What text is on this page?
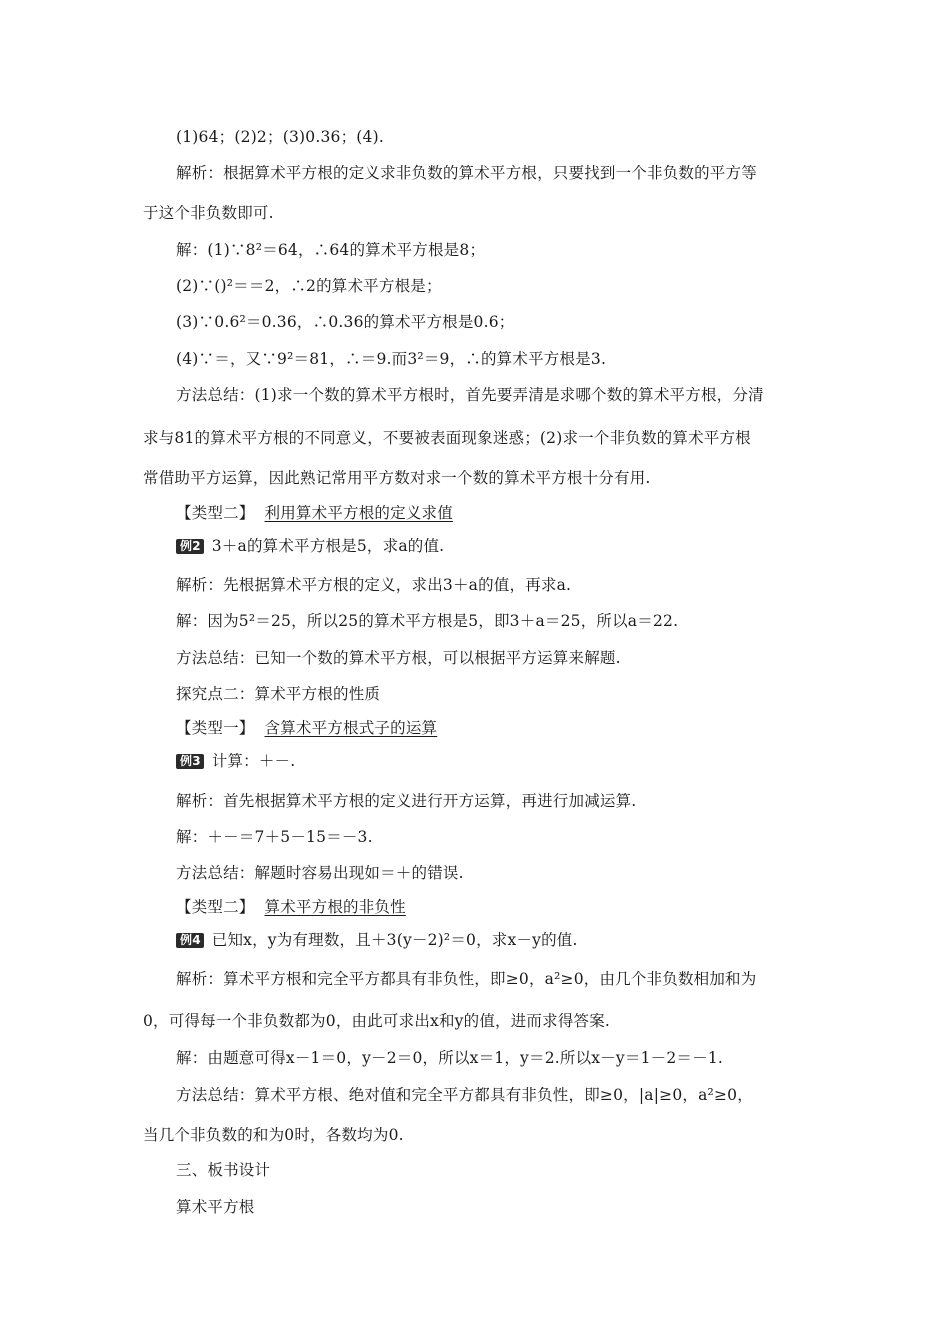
(1)64；(2)2；(3)0.36；(4).
解析：根据算术平方根的定义求非负数的算术平方根，只要找到一个非负数的平方等
于这个非负数即可.
解：(1)∵8²＝64，∴64的算术平方根是8；
(2)∵()²＝＝2，∴2的算术平方根是；
(3)∵0.6²＝0.36，∴0.36的算术平方根是0.6；
(4)∵＝，又∵9²＝81，∴＝9.而3²＝9，∴的算术平方根是3.
方法总结：(1)求一个数的算术平方根时，首先要弄清是求哪个数的算术平方根，分清
求与81的算术平方根的不同意义，不要被表面现象迷惑；(2)求一个非负数的算术平方根
常借助平方运算，因此熟记常用平方数对求一个数的算术平方根十分有用.
【类型二】 利用算术平方根的定义求值
例2 3＋a的算术平方根是5，求a的值.
解析：先根据算术平方根的定义，求出3＋a的值，再求a.
解：因为5²＝25，所以25的算术平方根是5，即3＋a＝25，所以a＝22.
方法总结：已知一个数的算术平方根，可以根据平方运算来解题.
探究点二：算术平方根的性质
【类型一】 含算术平方根式子的运算
例3 计算：＋－.
解析：首先根据算术平方根的定义进行开方运算，再进行加减运算.
解：＋－＝7＋5－15＝－3.
方法总结：解题时容易出现如＝＋的错误.
【类型二】 算术平方根的非负性
例4 已知x，y为有理数，且＋3(y－2)²＝0，求x－y的值.
解析：算术平方根和完全平方都具有非负性，即≥0，a²≥0，由几个非负数相加和为
0，可得每一个非负数都为0，由此可求出x和y的值，进而求得答案.
解：由题意可得x－1＝0，y－2＝0，所以x＝1，y＝2.所以x－y＝1－2＝－1.
方法总结：算术平方根、绝对值和完全平方都具有非负性，即≥0，|a|≥0，a²≥0，
当几个非负数的和为0时，各数均为0.
三、板书设计
算术平方根
